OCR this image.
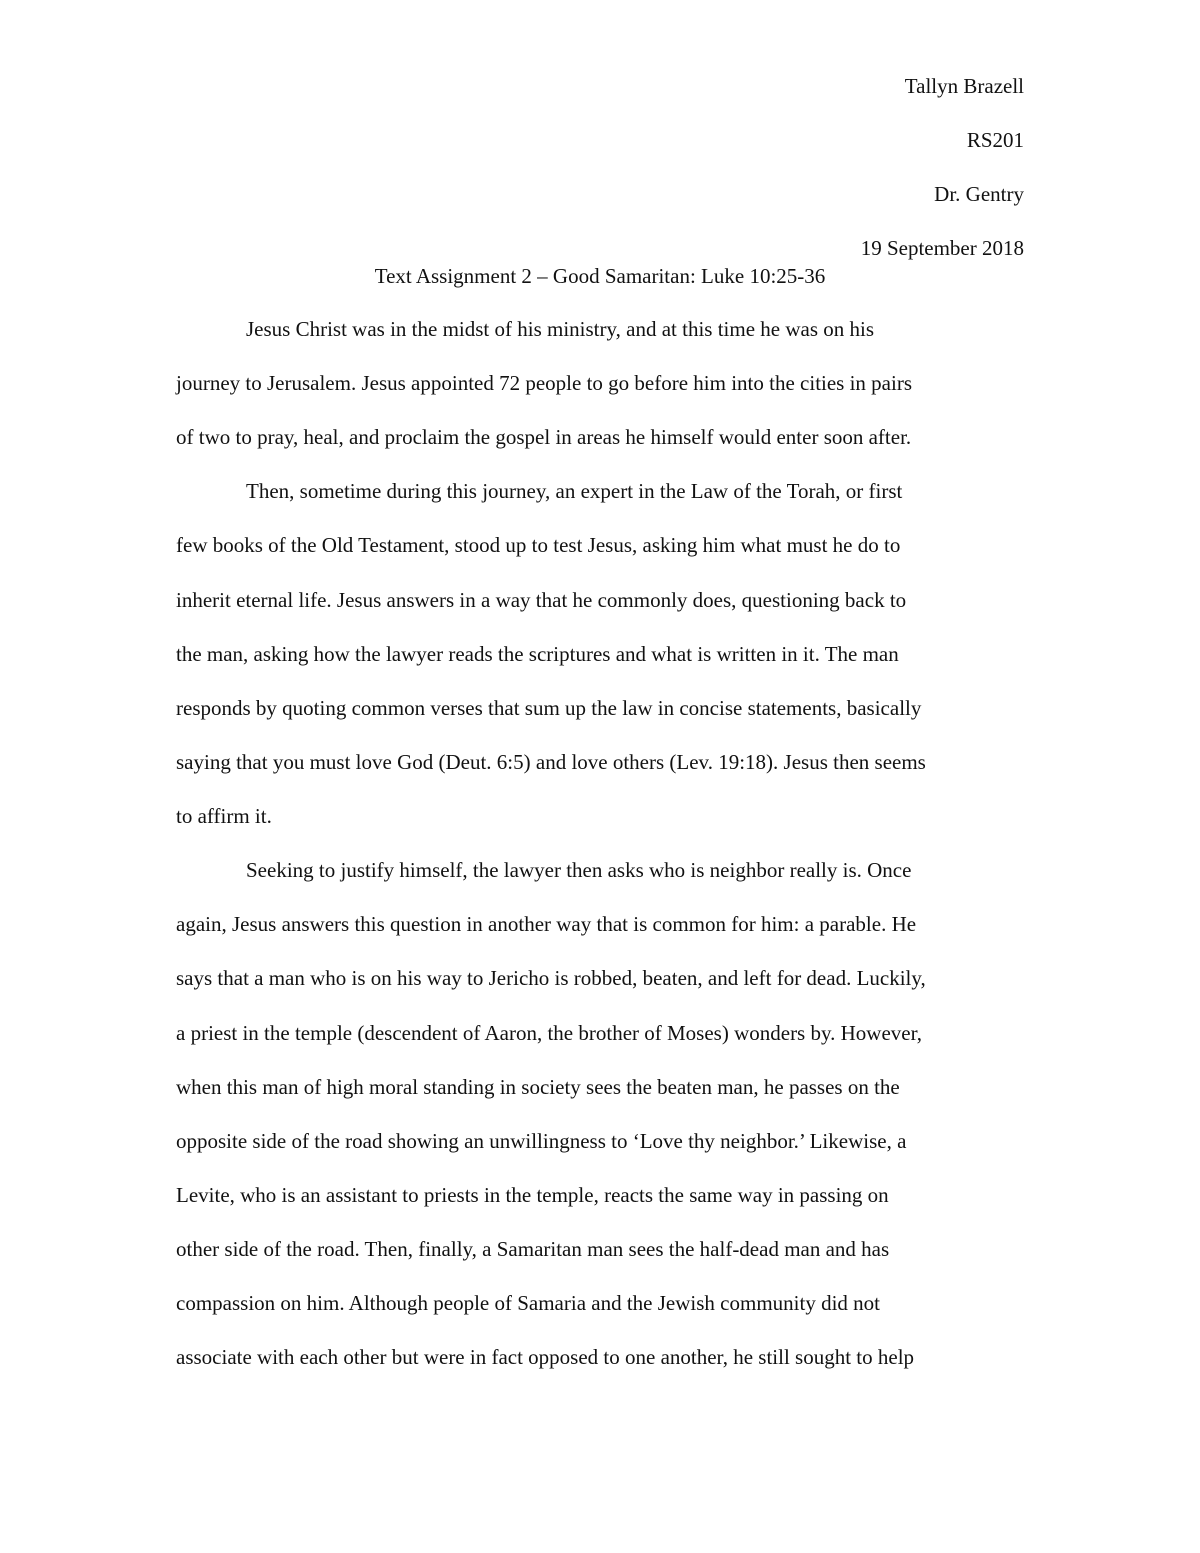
Tallyn Brazell
RS201
Dr. Gentry
19 September 2018
Text Assignment 2 – Good Samaritan: Luke 10:25-36
Jesus Christ was in the midst of his ministry, and at this time he was on his
journey to Jerusalem. Jesus appointed 72 people to go before him into the cities in pairs
of two to pray, heal, and proclaim the gospel in areas he himself would enter soon after.
Then, sometime during this journey, an expert in the Law of the Torah, or first
few books of the Old Testament, stood up to test Jesus, asking him what must he do to
inherit eternal life. Jesus answers in a way that he commonly does, questioning back to
the man, asking how the lawyer reads the scriptures and what is written in it. The man
responds by quoting common verses that sum up the law in concise statements, basically
saying that you must love God (Deut. 6:5) and love others (Lev. 19:18). Jesus then seems
to affirm it.
Seeking to justify himself, the lawyer then asks who is neighbor really is. Once
again, Jesus answers this question in another way that is common for him: a parable. He
says that a man who is on his way to Jericho is robbed, beaten, and left for dead. Luckily,
a priest in the temple (descendent of Aaron, the brother of Moses) wonders by. However,
when this man of high moral standing in society sees the beaten man, he passes on the
opposite side of the road showing an unwillingness to ‘Love thy neighbor.’ Likewise, a
Levite, who is an assistant to priests in the temple, reacts the same way in passing on
other side of the road. Then, finally, a Samaritan man sees the half-dead man and has
compassion on him. Although people of Samaria and the Jewish community did not
associate with each other but were in fact opposed to one another, he still sought to help
